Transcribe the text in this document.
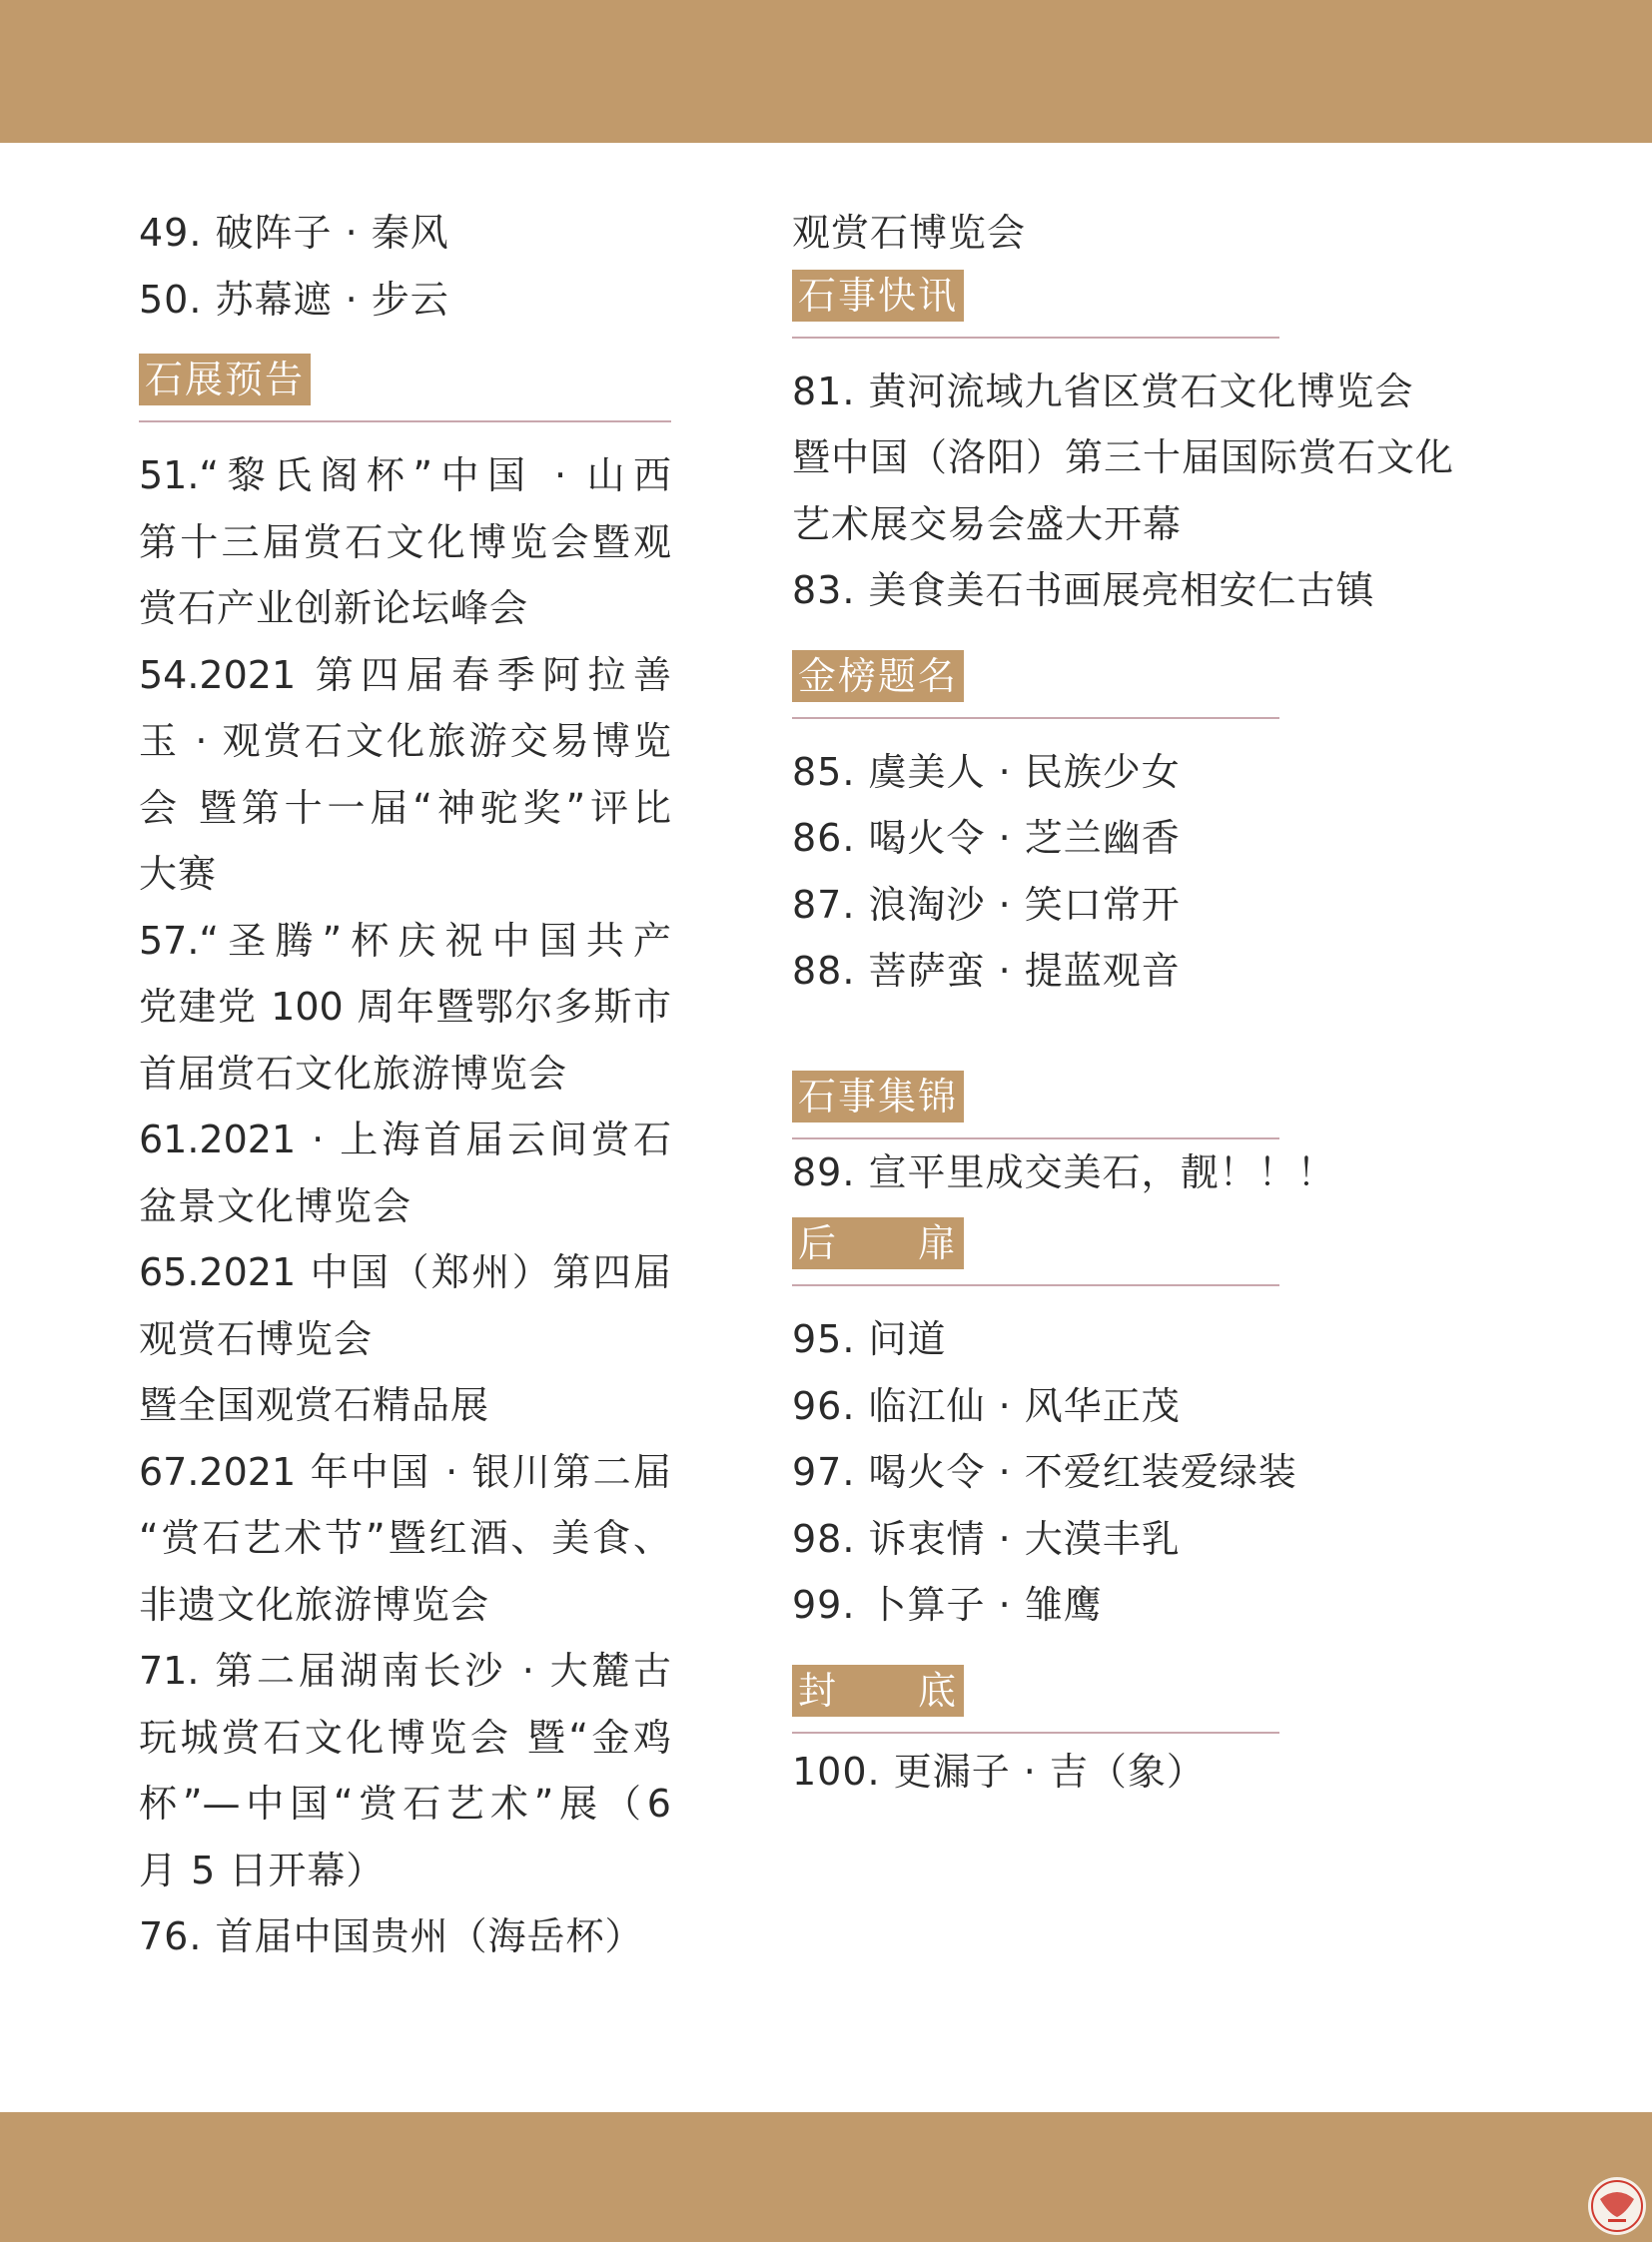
49. 破阵子 · 秦风
50. 苏幕遮 · 步云
石展预告
51.“黎氏阁杯”中国 · 山西
第十三届赏石文化博览会暨观
赏石产业创新论坛峰会
54.2021 第四届春季阿拉善
玉 · 观赏石文化旅游交易博览
会 暨第十一届“神驼奖”评比
大赛
57.“圣腾”杯庆祝中国共产
党建党 100 周年暨鄂尔多斯市
首届赏石文化旅游博览会
61.2021 · 上海首届云间赏石
盆景文化博览会
65.2021 中国（郑州）第四届
观赏石博览会
暨全国观赏石精品展
67.2021 年中国 · 银川第二届
“赏石艺术节”暨红酒、美食、
非遗文化旅游博览会
71. 第二届湖南长沙 · 大麓古
玩城赏石文化博览会 暨“金鸡
杯”—中国“赏石艺术”展（6
月 5 日开幕）
76. 首届中国贵州（海岳杯）
观赏石博览会
石事快讯
81. 黄河流域九省区赏石文化博览会
暨中国（洛阳）第三十届国际赏石文化
艺术展交易会盛大开幕
83. 美食美石书画展亮相安仁古镇
金榜题名
85. 虞美人 · 民族少女
86. 喝火令 · 芝兰幽香
87. 浪淘沙 · 笑口常开
88. 菩萨蛮 · 提蓝观音
石事集锦
89. 宣平里成交美石，靓！！！
后　　扉
95. 问道
96. 临江仙 · 风华正茂
97. 喝火令 · 不爱红装爱绿装
98. 诉衷情 · 大漠丰乳
99. 卜算子 · 雏鹰
封　　底
100. 更漏子 · 吉（象）
